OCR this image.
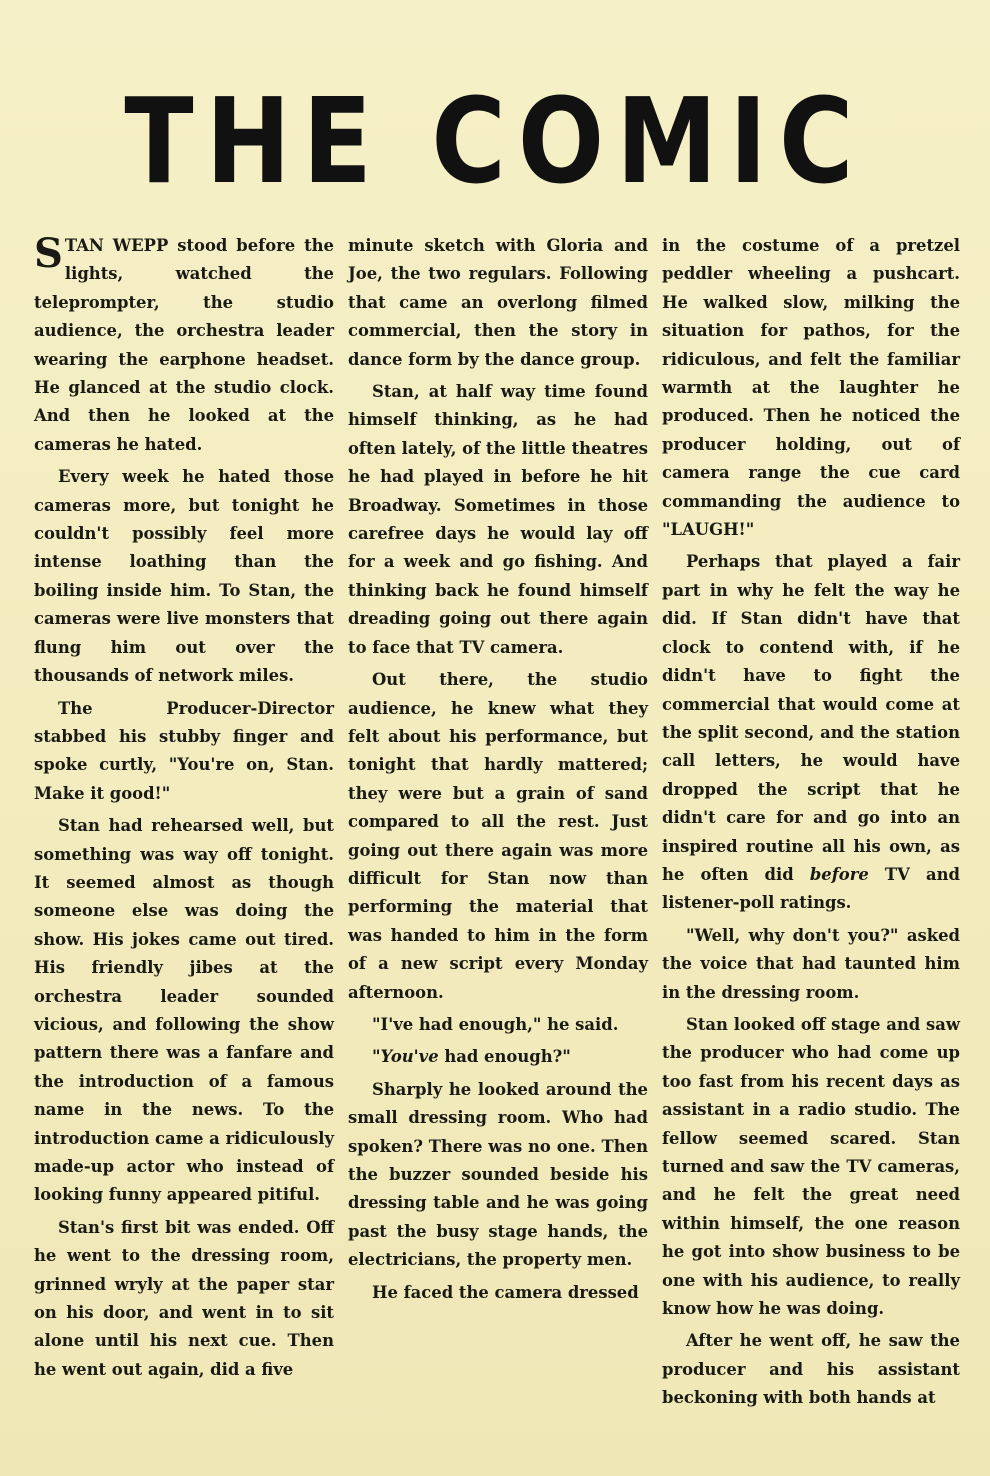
THE COMIC

STAN WEPP stood before the lights, watched the teleprompter, the studio audience, the orchestra leader wearing the earphone headset. He glanced at the studio clock. And then he looked at the cameras he hated.

Every week he hated those cameras more, but tonight he couldn't possibly feel more intense loathing than the boiling inside him. To Stan, the cameras were live monsters that flung him out over the thousands of network miles.

The Producer-Director stabbed his stubby finger and spoke curtly, "You're on, Stan. Make it good!"

Stan had rehearsed well, but something was way off tonight. It seemed almost as though someone else was doing the show. His jokes came out tired. His friendly jibes at the orchestra leader sounded vicious, and following the show pattern there was a fanfare and the introduction of a famous name in the news. To the introduction came a ridiculously made-up actor who instead of looking funny appeared pitiful.

Stan's first bit was ended. Off he went to the dressing room, grinned wryly at the paper star on his door, and went in to sit alone until his next cue. Then he went out again, did a five

minute sketch with Gloria and Joe, the two regulars. Following that came an overlong filmed commercial, then the story in dance form by the dance group.

Stan, at half way time found himself thinking, as he had often lately, of the little theatres he had played in before he hit Broadway. Sometimes in those carefree days he would lay off for a week and go fishing. And thinking back he found himself dreading going out there again to face that TV camera.

Out there, the studio audience, he knew what they felt about his performance, but tonight that hardly mattered; they were but a grain of sand compared to all the rest. Just going out there again was more difficult for Stan now than performing the material that was handed to him in the form of a new script every Monday afternoon.

"I've had enough," he said.

"You've had enough?"

Sharply he looked around the small dressing room. Who had spoken? There was no one. Then the buzzer sounded beside his dressing table and he was going past the busy stage hands, the electricians, the property men.

He faced the camera dressed

in the costume of a pretzel peddler wheeling a pushcart. He walked slow, milking the situation for pathos, for the ridiculous, and felt the familiar warmth at the laughter he produced. Then he noticed the producer holding, out of camera range the cue card commanding the audience to "LAUGH!"

Perhaps that played a fair part in why he felt the way he did. If Stan didn't have that clock to contend with, if he didn't have to fight the commercial that would come at the split second, and the station call letters, he would have dropped the script that he didn't care for and go into an inspired routine all his own, as he often did before TV and listener-poll ratings.

"Well, why don't you?" asked the voice that had taunted him in the dressing room.

Stan looked off stage and saw the producer who had come up too fast from his recent days as assistant in a radio studio. The fellow seemed scared. Stan turned and saw the TV cameras, and he felt the great need within himself, the one reason he got into show business to be one with his audience, to really know how he was doing.

After he went off, he saw the producer and his assistant beckoning with both hands at
